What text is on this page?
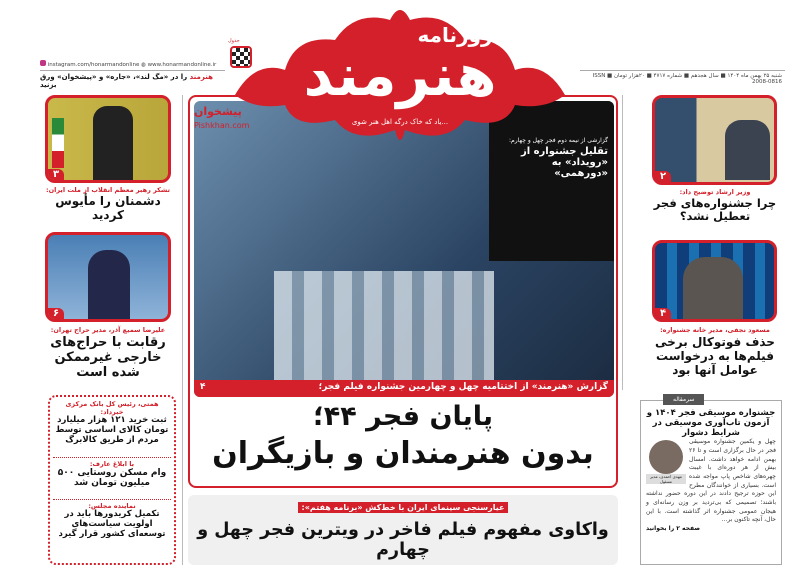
instagram.com/honarmandonline ◍ www.honarmandonline.ir
هنرمند را در «مگ لند»، «جاره» و «پیشخوان» ورق بزنید
جدول
شنبه ۲۵ بهمن ماه ۱۴۰۴ ■ سال هجدهم ■ شماره ۴۷۱۷ ■ ۲۰هزار تومان ■ ISSN 2008-0816
هنرمند
روزنامه
...یاد که خاک درگه اهل هنر شوی
۳
تشکر رهبر معظم انقلاب از ملت ایران:
دشمنان را مأیوس کردید
۶
علیرضا سمیع آذر، مدیر حراج تهران:
رقابت با حراج‌های خارجی غیرممکن شده است
همتی، رئیس کل بانک مرکزی خبرداد:
ثبت خرید ۱۲۱ هزار میلیارد تومان کالای اساسی توسط مردم از طریق کالابرگ
با ابلاغ عارف:
وام مسکن روستایی ۵۰۰ میلیون تومان شد
نماینده مجلس:
تکمیل کریدورها باید در اولویت سیاست‌های توسعه‌ای کشور قرار گیرد
گزارشی از نیمه دوم فجر چهل و چهارم:
تقلیل جشنواره از «رویداد» به «دورهمی»
پیشخوان
Pishkhan.com
گزارش «هنرمند» از اختتامیه چهل و چهارمین جشنواره فیلم فجر؛
۴
پایان فجر ۴۴؛
بدون هنرمندان و بازیگران
عیارسنجی سینمای ایران با خط‌کش «برنامه هفتم»:
واکاوی مفهوم فیلم فاخر در ویترین فجر چهل و چهارم
۲
وزیر ارشاد توضیح داد:
چرا جشنواره‌های فجر تعطیل نشد؟
۴
مسعود نجفی، مدیر خانه جشنواره:
حذف فوتوکال برخی فیلم‌ها به درخواست عوامل آنها بود
سرمقاله
جشنواره موسیقی فجر ۱۴۰۴ و آزمون تاب‌آوری موسیقی در شرایط دشوار
مهدی احمدی، مدیر مسئول
چهل و یکمین جشنواره موسیقی فجر در حال برگزاری است و تا ۲۶ بهمن ادامه خواهد داشت. امسال بیش از هر دوره‌ای با غیبت چهره‌های شاخص پاپ مواجه شده است. بسیاری از خوانندگان مطرح این حوزه ترجیح دادند در این دوره حضور نداشته باشند؛ تصمیمی که بی‌تردید بر وزن رسانه‌ای و هیجان عمومی جشنواره اثر گذاشته است. با این حال، آنچه تاکنون بر...
صفحه ۲ را بخوانید
